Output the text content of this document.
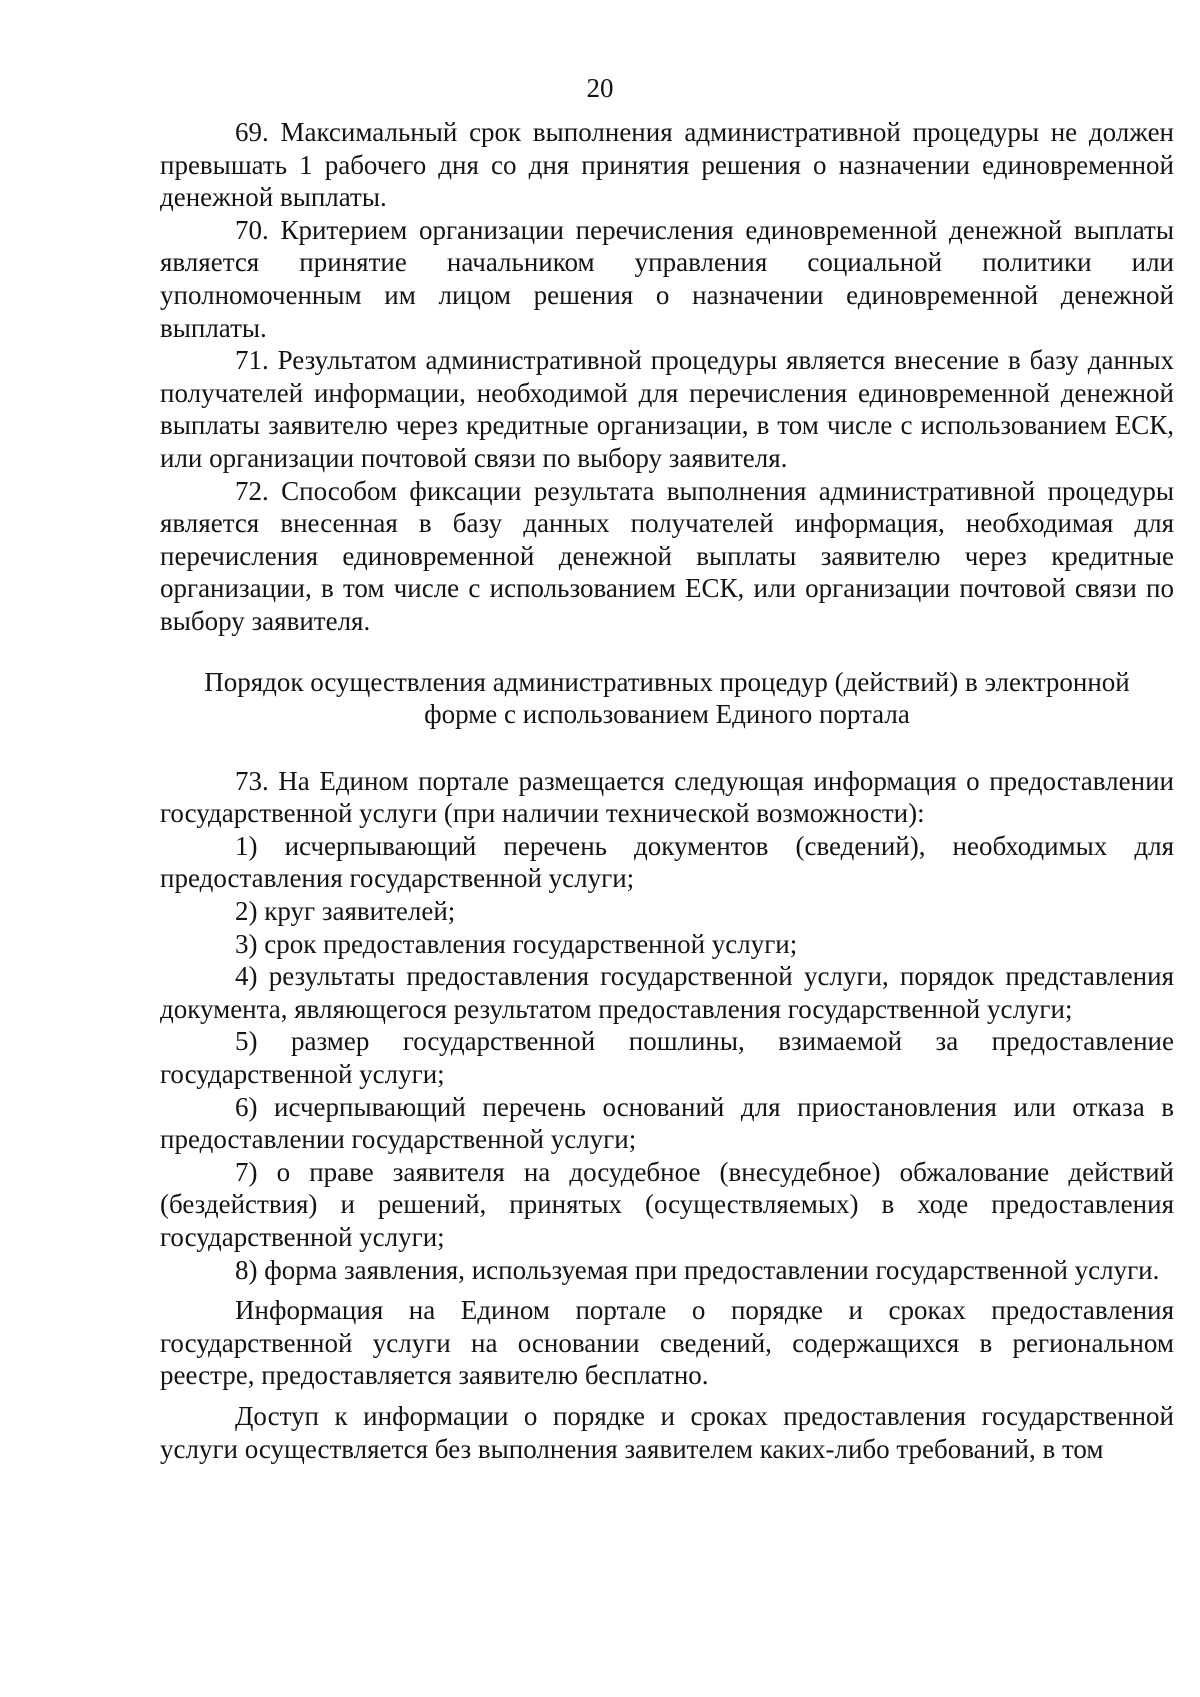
20

69. Максимальный срок выполнения административной процедуры не должен превышать 1 рабочего дня со дня принятия решения о назначении единовременной денежной выплаты.

70. Критерием организации перечисления единовременной денежной выплаты является принятие начальником управления социальной политики или уполномоченным им лицом решения о назначении единовременной денежной выплаты.

71. Результатом административной процедуры является внесение в базу данных получателей информации, необходимой для перечисления единовременной денежной выплаты заявителю через кредитные организации, в том числе с использованием ЕСК, или организации почтовой связи по выбору заявителя.

72. Способом фиксации результата выполнения административной процедуры является внесенная в базу данных получателей информация, необходимая для перечисления единовременной денежной выплаты заявителю через кредитные организации, в том числе с использованием ЕСК, или организации почтовой связи по выбору заявителя.

Порядок осуществления административных процедур (действий) в электронной
форме с использованием Единого портала

73. На Едином портале размещается следующая информация о предоставлении государственной услуги (при наличии технической возможности):

1) исчерпывающий перечень документов (сведений), необходимых для предоставления государственной услуги;

2) круг заявителей;

3) срок предоставления государственной услуги;

4) результаты предоставления государственной услуги, порядок представления документа, являющегося результатом предоставления государственной услуги;

5) размер государственной пошлины, взимаемой за предоставление государственной услуги;

6) исчерпывающий перечень оснований для приостановления или отказа в предоставлении государственной услуги;

7) о праве заявителя на досудебное (внесудебное) обжалование действий (бездействия) и решений, принятых (осуществляемых) в ходе предоставления государственной услуги;

8) форма заявления, используемая при предоставлении государственной услуги.

Информация на Едином портале о порядке и сроках предоставления государственной услуги на основании сведений, содержащихся в региональном реестре, предоставляется заявителю бесплатно.

Доступ к информации о порядке и сроках предоставления государственной услуги осуществляется без выполнения заявителем каких-либо требований, в том
